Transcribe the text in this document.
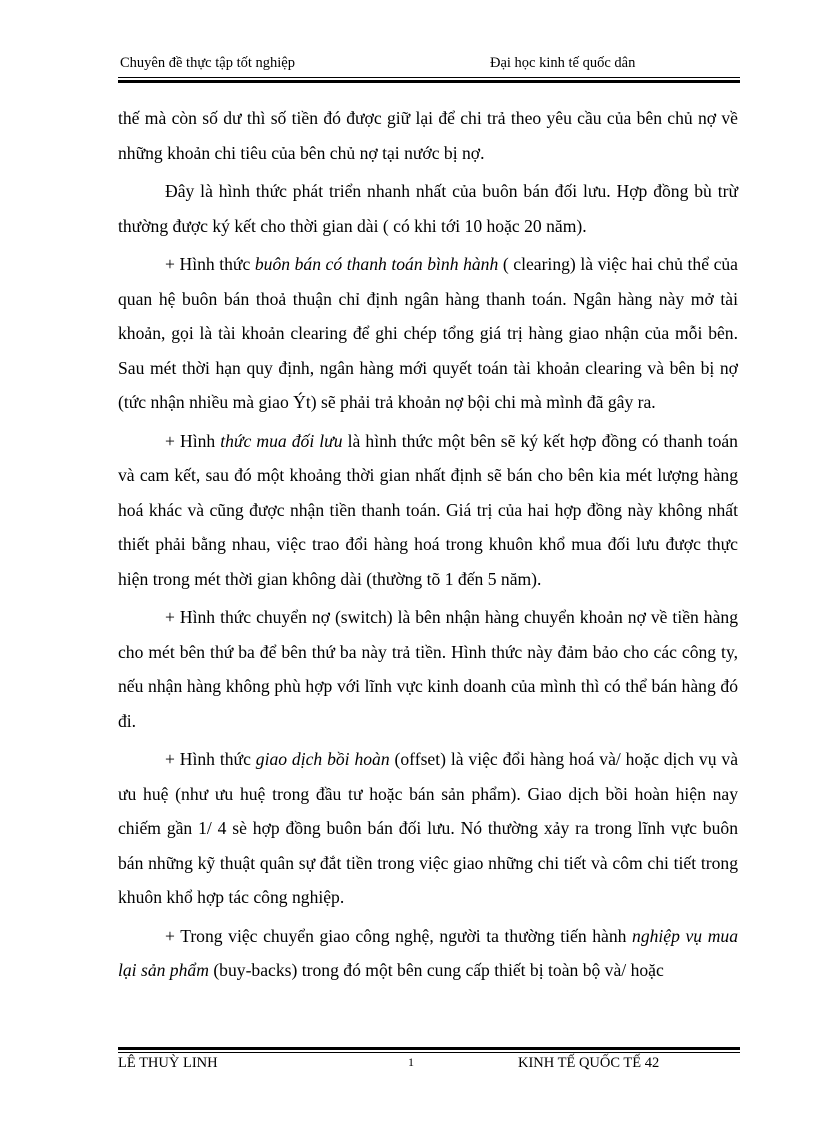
Chuyên đề thực tập tốt nghiệp	Đại học kinh tế quốc dân

thế mà còn số dư thì số tiền đó được giữ lại để chi trả theo yêu cầu của bên chủ nợ về những khoản chi tiêu của bên chủ nợ tại nước bị nợ.

Đây là hình thức phát triển nhanh nhất của buôn bán đối lưu. Hợp đồng bù trừ thường được ký kết cho thời gian dài ( có khi tới 10 hoặc 20 năm).

+ Hình thức buôn bán có thanh toán bình hành ( clearing) là việc hai chủ thể của quan hệ buôn bán thoả thuận chỉ định ngân hàng thanh toán. Ngân hàng này mở tài khoản, gọi là tài khoản clearing để ghi chép tổng giá trị hàng giao nhận của mỗi bên. Sau mét thời hạn quy định, ngân hàng mới quyết toán tài khoản clearing và bên bị nợ (tức nhận nhiều mà giao Ýt) sẽ phải trả khoản nợ bội chi mà mình đã gây ra.

+ Hình thức mua đối lưu là hình thức một bên sẽ ký kết hợp đồng có thanh toán và cam kết, sau đó một khoảng thời gian nhất định sẽ bán cho bên kia mét lượng hàng hoá khác và cũng được nhận tiền thanh toán. Giá trị của hai hợp đồng này không nhất thiết phải bằng nhau, việc trao đổi hàng hoá trong khuôn khổ mua đối lưu được thực hiện trong mét thời gian không dài (thường tõ 1 đến 5 năm).

+ Hình thức chuyển nợ (switch) là bên nhận hàng chuyển khoản nợ về tiền hàng cho mét bên thứ ba để bên thứ ba này trả tiền. Hình thức này đảm bảo cho các công ty, nếu nhận hàng không phù hợp với lĩnh vực kinh doanh của mình thì có thể bán hàng đó đi.

+ Hình thức giao dịch bồi hoàn (offset) là việc đổi hàng hoá và/ hoặc dịch vụ và ưu huệ (như ưu huệ trong đầu tư hoặc bán sản phẩm). Giao dịch bồi hoàn hiện nay chiếm gần 1/ 4 sè hợp đồng buôn bán đối lưu. Nó thường xảy ra trong lĩnh vực buôn bán những kỹ thuật quân sự đắt tiền trong việc giao những chi tiết và côm chi tiết trong khuôn khổ hợp tác công nghiệp.

+ Trong việc chuyển giao công nghệ, người ta thường tiến hành nghiệp vụ mua lại sản phẩm (buy-backs) trong đó một bên cung cấp thiết bị toàn bộ và/ hoặc

LÊ THUỲ LINH	1	KINH TẾ QUỐC TẾ 42
